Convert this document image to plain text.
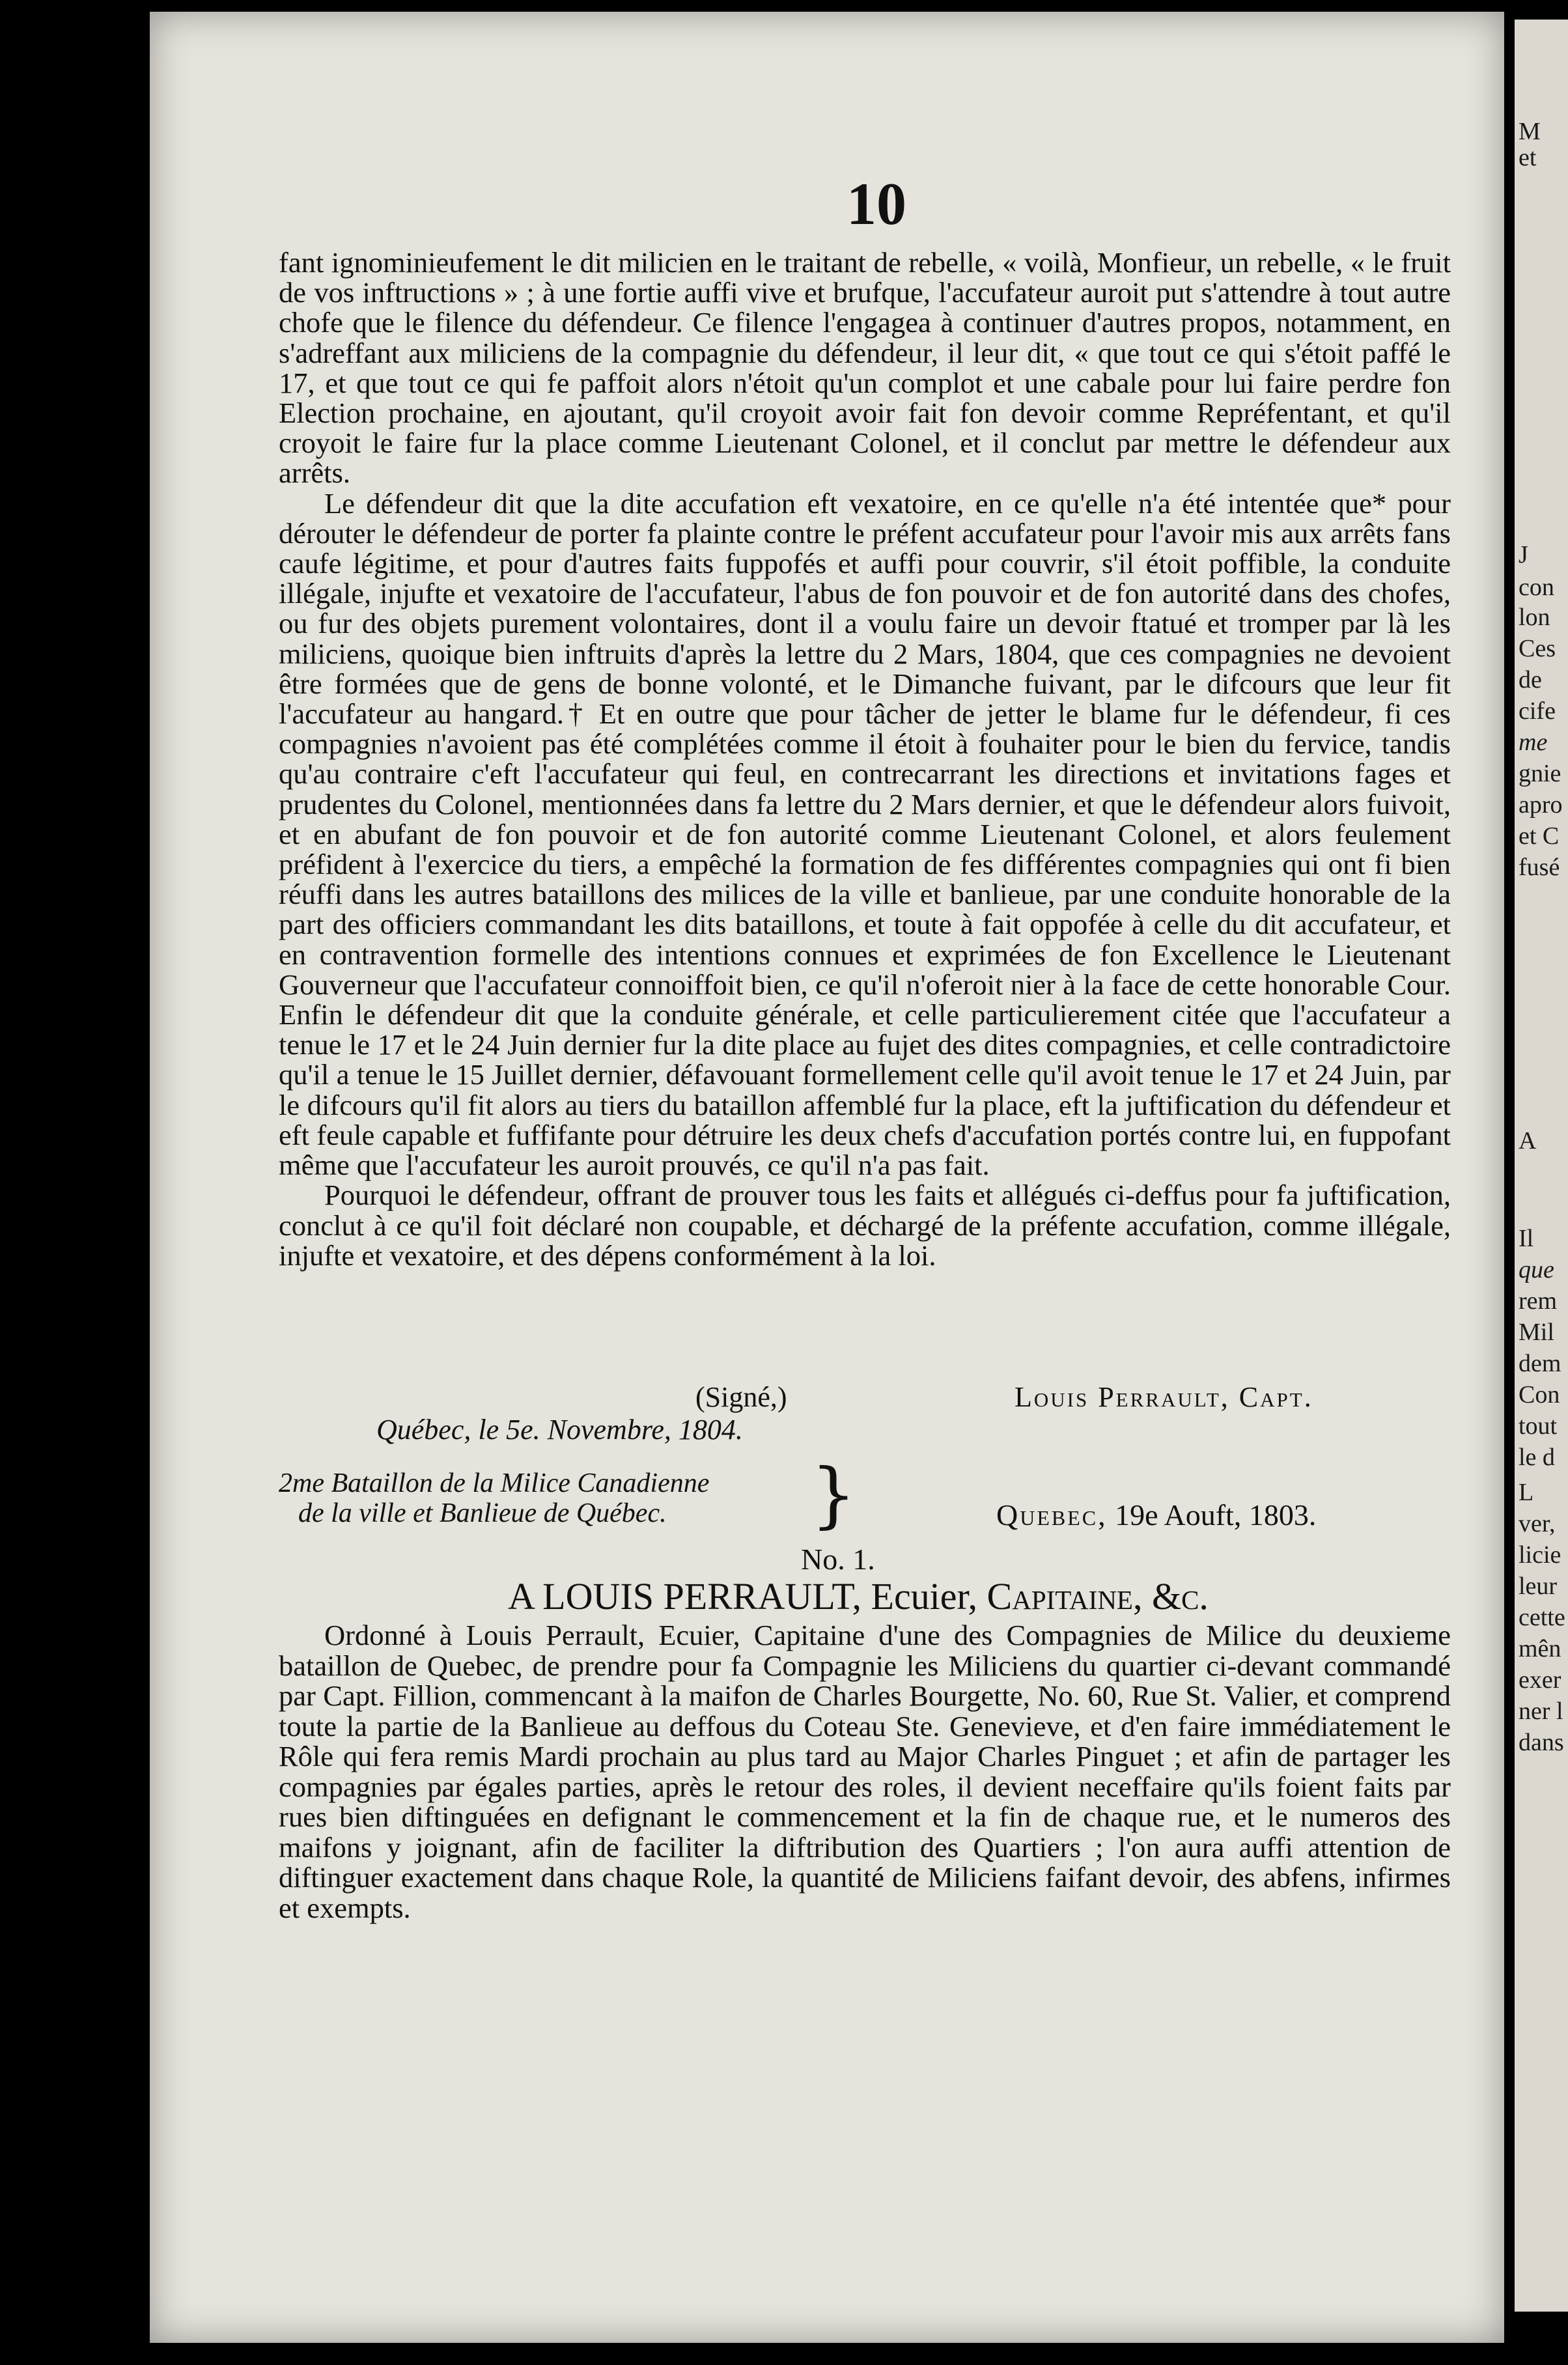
M
et
J
con
lon
Ces
de
cife
me
gnie
apro
et C
fusé
A
Il
que
rem
Mil
dem
Con
tout
le d
L
ver,
licie
leur
cette
mên
exer
ner l
dans
10

fant ignominieufement le dit milicien en le traitant de rebelle, « voilà, Monfieur, un rebelle, « le fruit de vos inftructions » ; à une fortie auffi vive et brufque, l'accufateur auroit put s'attendre à tout autre chofe que le filence du défendeur. Ce filence l'engagea à continuer d'autres propos, notamment, en s'adreffant aux miliciens de la compagnie du défendeur, il leur dit, « que tout ce qui s'étoit paffé le 17, et que tout ce qui fe paffoit alors n'étoit qu'un complot et une cabale pour lui faire perdre fon Election prochaine, en ajoutant, qu'il croyoit avoir fait fon devoir comme Repréfentant, et qu'il croyoit le faire fur la place comme Lieutenant Colonel, et il conclut par mettre le défendeur aux arrêts.

Le défendeur dit que la dite accufation eft vexatoire, en ce qu'elle n'a été intentée que* pour dérouter le défendeur de porter fa plainte contre le préfent accufateur pour l'avoir mis aux arrêts fans caufe légitime, et pour d'autres faits fuppofés et auffi pour couvrir, s'il étoit poffible, la conduite illégale, injufte et vexatoire de l'accufateur, l'abus de fon pouvoir et de fon autorité dans des chofes, ou fur des objets purement volontaires, dont il a voulu faire un devoir ftatué et tromper par là les miliciens, quoique bien inftruits d'après la lettre du 2 Mars, 1804, que ces compagnies ne devoient être formées que de gens de bonne volonté, et le Dimanche fuivant, par le difcours que leur fit l'accufateur au hangard.† Et en outre que pour tâcher de jetter le blame fur le défendeur, fi ces compagnies n'avoient pas été complétées comme il étoit à fouhaiter pour le bien du fervice, tandis qu'au contraire c'eft l'accufateur qui feul, en contrecarrant les directions et invitations fages et prudentes du Colonel, mentionnées dans fa lettre du 2 Mars dernier, et que le défendeur alors fuivoit, et en abufant de fon pouvoir et de fon autorité comme Lieutenant Colonel, et alors feulement préfident à l'exercice du tiers, a empêché la formation de fes différentes compagnies qui ont fi bien réuffi dans les autres bataillons des milices de la ville et banlieue, par une conduite honorable de la part des officiers commandant les dits bataillons, et toute à fait oppofée à celle du dit accufateur, et en contravention formelle des intentions connues et exprimées de fon Excellence le Lieutenant Gouverneur que l'accufateur connoiffoit bien, ce qu'il n'oferoit nier à la face de cette honorable Cour. Enfin le défendeur dit que la conduite générale, et celle particulierement citée que l'accufateur a tenue le 17 et le 24 Juin dernier fur la dite place au fujet des dites compagnies, et celle contradictoire qu'il a tenue le 15 Juillet dernier, défavouant formellement celle qu'il avoit tenue le 17 et 24 Juin, par le difcours qu'il fit alors au tiers du bataillon affemblé fur la place, eft la juftification du défendeur et eft feule capable et fuffifante pour détruire les deux chefs d'accufation portés contre lui, en fuppofant même que l'accufateur les auroit prouvés, ce qu'il n'a pas fait.

Pourquoi le défendeur, offrant de prouver tous les faits et allégués ci-deffus pour fa juftification, conclut à ce qu'il foit déclaré non coupable, et déchargé de la préfente accufation, comme illégale, injufte et vexatoire, et des dépens conformément à la loi.

(Signé,)	Louis Perrault, Capt.
Québec, le 5e. Novembre, 1804.
2me Bataillon de la Milice Canadienne
de la ville et Banlieue de Québec.	}	Quebec, 19e Aouft, 1803.
No. 1.
A LOUIS PERRAULT, Ecuier, Capitaine, &c.
Ordonné à Louis Perrault, Ecuier, Capitaine d'une des Compagnies de Milice du deuxieme bataillon de Quebec, de prendre pour fa Compagnie les Miliciens du quartier ci-devant commandé par Capt. Fillion, commencant à la maifon de Charles Bourgette, No. 60, Rue St. Valier, et comprend toute la partie de la Banlieue au deffous du Coteau Ste. Genevieve, et d'en faire immédiatement le Rôle qui fera remis Mardi prochain au plus tard au Major Charles Pinguet ; et afin de partager les compagnies par égales parties, après le retour des roles, il devient neceffaire qu'ils foient faits par rues bien diftinguées en defignant le commencement et la fin de chaque rue, et le numeros des maifons y joignant, afin de faciliter la diftribution des Quartiers ; l'on aura auffi attention de diftinguer exactement dans chaque Role, la quantité de Miliciens faifant devoir, des abfens, infirmes et exempts.
